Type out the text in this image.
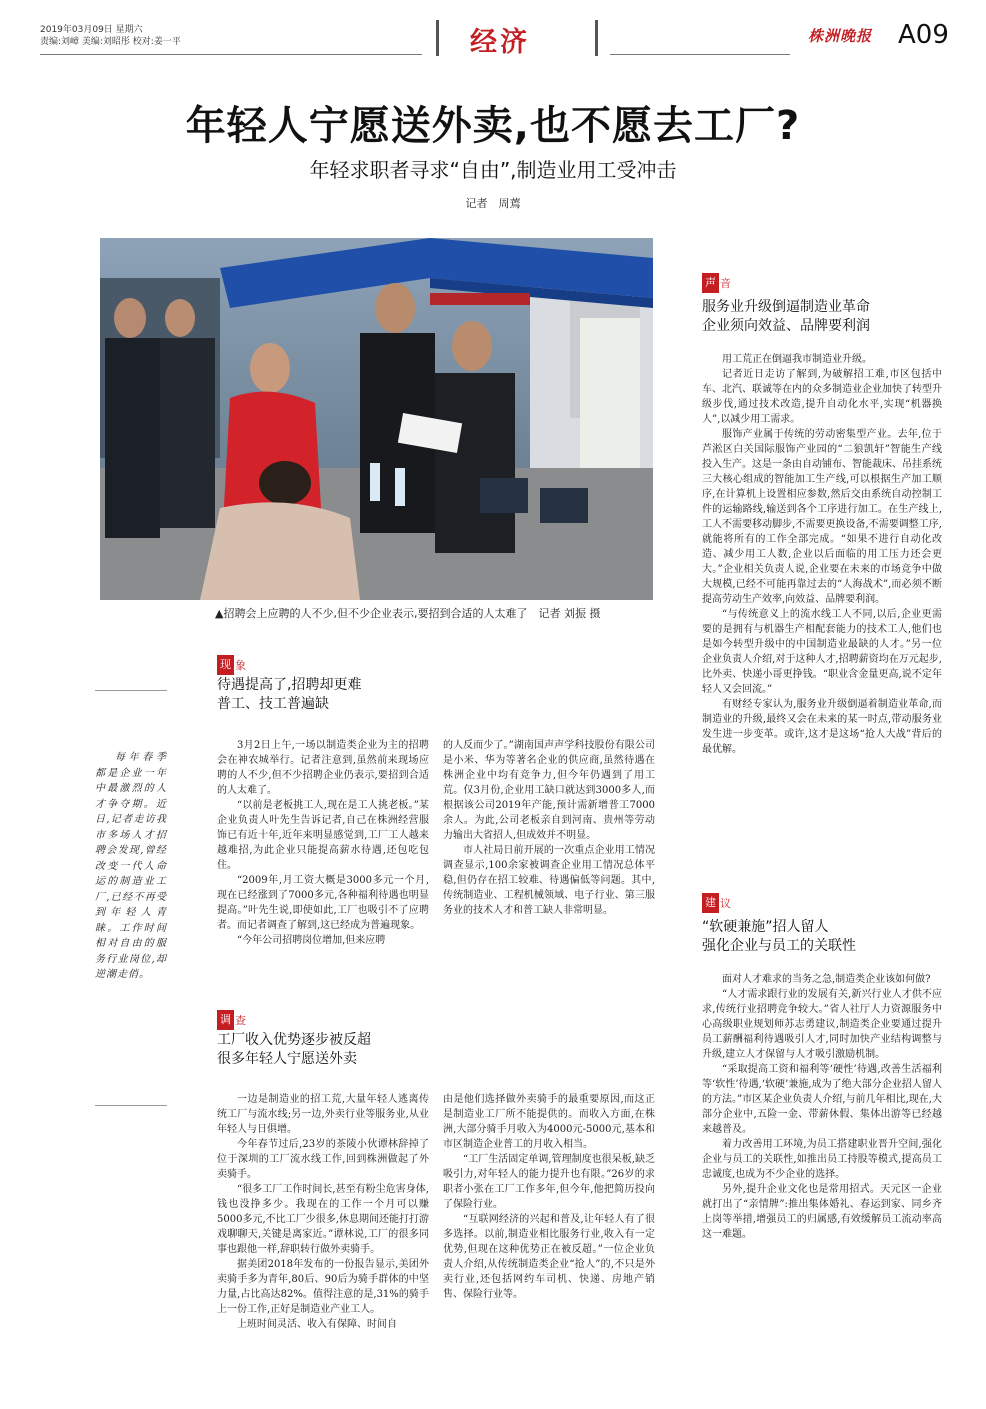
2019年03月09日 星期六
责编:刘嶂 美编:刘昭彤 校对:姜一平	经济	株洲晚报 A09
年轻人宁愿送外卖,也不愿去工厂?
年轻求职者寻求“自由”,制造业用工受冲击
记者　周蔫
▲招聘会上应聘的人不少,但不少企业表示,要招到合适的人太难了　记者 刘振 摄

每年春季都是企业一年中最激烈的人才争夺期。近日,记者走访我市多场人才招聘会发现,曾经改变一代人命运的制造业工厂,已经不再受到年轻人青睐。工作时间相对自由的服务行业岗位,却逆潮走俏。

现 象
待遇提高了,招聘却更难
普工、技工普遍缺

3月2日上午,一场以制造类企业为主的招聘会在神农城举行。记者注意到,虽然前来现场应聘的人不少,但不少招聘企业仍表示,要招到合适的人太难了。

“以前是老板挑工人,现在是工人挑老板。”某企业负责人叶先生告诉记者,自己在株洲经营服饰已有近十年,近年来明显感觉到,工厂工人越来越难招,为此企业只能提高薪水待遇,还包吃包住。

“2009年,月工资大概是3000多元一个月,现在已经涨到了7000多元,各种福利待遇也明显提高。”叶先生说,即使如此,工厂也吸引不了应聘者。而记者调查了解到,这已经成为普遍现象。

“今年公司招聘岗位增加,但来应聘

的人反而少了。”湖南国声声学科技股份有限公司是小米、华为等著名企业的供应商,虽然待遇在株洲企业中均有竞争力,但今年仍遇到了用工荒。仅3月份,企业用工缺口就达到3000多人,而根据该公司2019年产能,预计需新增普工7000余人。为此,公司老板亲自到河南、贵州等劳动力输出大省招人,但成效并不明显。

市人社局日前开展的一次重点企业用工情况调查显示,100余家被调查企业用工情况总体平稳,但仍存在招工较难、待遇偏低等问题。其中,传统制造业、工程机械领域、电子行业、第三服务业的技术人才和普工缺人非常明显。

调 查
工厂收入优势逐步被反超
很多年轻人宁愿送外卖

一边是制造业的招工荒,大量年轻人逃离传统工厂与流水线;另一边,外卖行业等服务业,从业年轻人与日俱增。

今年春节过后,23岁的茶陵小伙谭林辞掉了位于深圳的工厂流水线工作,回到株洲做起了外卖骑手。

“很多工厂工作时间长,甚至有粉尘危害身体,钱也没挣多少。我现在的工作一个月可以赚5000多元,不比工厂少很多,休息期间还能打打游戏聊聊天,关键是离家近。”谭林说,工厂的很多同事也跟他一样,辞职转行做外卖骑手。

据美团2018年发布的一份报告显示,美团外卖骑手多为青年,80后、90后为骑手群体的中坚力量,占比高达82%。值得注意的是,31%的骑手上一份工作,正好是制造业产业工人。

上班时间灵活、收入有保障、时间自

由是他们选择做外卖骑手的最重要原因,而这正是制造业工厂所不能提供的。而收入方面,在株洲,大部分骑手月收入为4000元-5000元,基本和市区制造企业普工的月收入相当。

“工厂生活固定单调,管理制度也很呆板,缺乏吸引力,对年轻人的能力提升也有限。”26岁的求职者小张在工厂工作多年,但今年,他把简历投向了保险行业。

“互联网经济的兴起和普及,让年轻人有了很多选择。以前,制造业相比服务行业,收入有一定优势,但现在这种优势正在被反超。”一位企业负责人介绍,从传统制造类企业“抢人”的,不只是外卖行业,还包括网约车司机、快递、房地产销售、保险行业等。

声 音
服务业升级倒逼制造业革命
企业须向效益、品牌要利润

用工荒正在倒逼我市制造业升级。

记者近日走访了解到,为破解招工难,市区包括中车、北汽、联诚等在内的众多制造业企业加快了转型升级步伐,通过技术改造,提升自动化水平,实现“机器换人”,以减少用工需求。

服饰产业属于传统的劳动密集型产业。去年,位于芦淞区白关国际服饰产业园的“二狼凯轩”智能生产线投入生产。这是一条由自动铺布、智能裁床、吊挂系统三大核心组成的智能加工生产线,可以根据生产加工顺序,在计算机上设置相应参数,然后交由系统自动控制工件的运输路线,输送到各个工序进行加工。在生产线上,工人不需要移动脚步,不需要更换设备,不需要调整工序,就能将所有的工作全部完成。“如果不进行自动化改造、减少用工人数,企业以后面临的用工压力还会更大。”企业相关负责人说,企业要在未来的市场竞争中做大规模,已经不可能再靠过去的“人海战术”,而必须不断提高劳动生产效率,向效益、品牌要利润。

“与传统意义上的流水线工人不同,以后,企业更需要的是拥有与机器生产相配套能力的技术工人,他们也是如今转型升级中的中国制造业最缺的人才。”另一位企业负责人介绍,对于这种人才,招聘薪资均在万元起步,比外卖、快递小哥更挣钱。“职业含金量更高,说不定年轻人又会回流。”

有财经专家认为,服务业升级倒逼着制造业革命,而制造业的升级,最终又会在未来的某一时点,带动服务业发生进一步变革。或许,这才是这场“抢人大战”背后的最优解。

建 议
“软硬兼施”招人留人
强化企业与员工的关联性

面对人才难求的当务之急,制造类企业该如何做?

“人才需求跟行业的发展有关,新兴行业人才供不应求,传统行业招聘竞争较大。”省人社厅人力资源服务中心高级职业规划师苏志勇建议,制造类企业要通过提升员工薪酬福利待遇吸引人才,同时加快产业结构调整与升级,建立人才保留与人才吸引激励机制。

“采取提高工资和福利等‘硬性’待遇,改善生活福利等‘软性’待遇,‘软硬’兼施,成为了绝大部分企业招人留人的方法。”市区某企业负责人介绍,与前几年相比,现在,大部分企业中,五险一金、带薪休假、集体出游等已经越来越普及。

着力改善用工环境,为员工搭建职业晋升空间,强化企业与员工的关联性,如推出员工持股等模式,提高员工忠诚度,也成为不少企业的选择。

另外,提升企业文化也是常用招式。天元区一企业就打出了“亲情牌”:推出集体婚礼、春运到家、同乡齐上岗等举措,增强员工的归属感,有效缓解员工流动率高这一难题。
